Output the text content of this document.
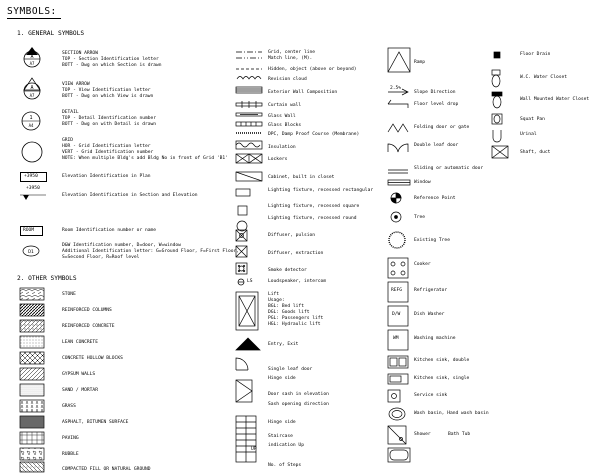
SYMBOLS:
1. GENERAL SYMBOLS
A
A7
SECTION ARROW
TOP - Section Identification letter
BOTT - Dwg on which Section is drawn
A
A7
VIEW ARROW
TOP - View Identification letter
BOTT - Dwg on which View is drawn
1
A4
DETAIL
TOP - Detail Identification number
BOTT - Dwg on with Detail is drawn
GRID
HOR - Grid Identification letter
VERT - Grid Identification number
NOTE: When multiple Bldg's add Bldg No in front of Grid 'B1'
+3950	Elevation Identification in Plan
+3950
Elevation Identification in Section and Elevation
ROOM	Room Identification number or name
D1
D&W Identification number, D=door, W=window
Additional Identification letter: G=Ground Floor, F=First Floor,
S=Second Floor, R=Roof level
2. OTHER SYMBOLS
STONE
REINFORCED COLUMNS
REINFORCED CONCRETE
LEAN CONCRETE
CONCRETE HOLLOW BLOCKS
GYPSUM WALLS
SAND / MORTAR
GRASS
ASPHALT, BITUMEN SURFACE
PAVING
RUBBLE
COMPACTED FILL OR NATURAL GROUND
Grid, center line
Match line, (M).
Hidden, object (above or beyond)
Revision cloud
Exterior Wall Composition
Curtain wall
Glass Wall
Glass Blocks
DPC, Damp Proof Course (Membrane)
Insulation
Lockers
Cabinet, built in closet
Lighting fixture, recessed rectangular
Lighting fixture, recessed square
Lighting fixture, recessed round
Diffuser, pulsion
Diffuser, extraction
Smoke detector
LS	Loudspeaker, intercom
Lift
Usage:
BGL: Bed lift
DGL: Goods lift
PGL: Passengers lift
HGL: Hydraulic lift
Entry, Exit
Single leaf door
Hinge side
Door sash in elevation
Sash opening direction
Hinge side
Staircase
indication Up
UP
No. of Steps
Bath Tub
Ramp
2.5%
Slope Direction
Floor level drop
Folding door or gate
Double leaf door
Sliding or automatic door
Window
Reference Point
Tree
Existing Tree
Cooker
REFG	Refrigerator
D/W	Dish Washer
WM	Washing machine
Kitchen sink, double
Kitchen sink, single
Service sink
Wash basin, Hand wash basin
Shower
Floor Drain
W.C. Water Closet
Wall Mounted Water Closet
Squat Pan
Urinal
Shaft, duct
